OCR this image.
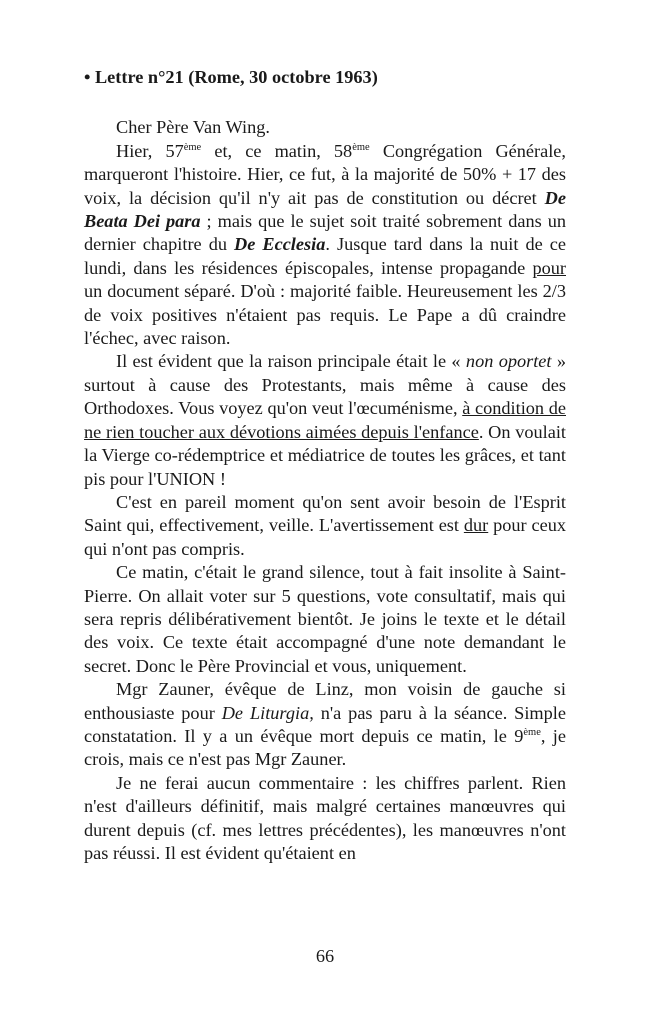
• Lettre n°21 (Rome, 30 octobre 1963)

Cher Père Van Wing.

Hier, 57ème et, ce matin, 58ème Congrégation Générale, marqueront l'histoire. Hier, ce fut, à la majorité de 50% + 17 des voix, la décision qu'il n'y ait pas de constitution ou décret De Beata Dei para ; mais que le sujet soit traité sobrement dans un dernier chapitre du De Ecclesia. Jusque tard dans la nuit de ce lundi, dans les résidences épiscopales, intense propagande pour un document séparé. D'où : majorité faible. Heureusement les 2/3 de voix positives n'étaient pas requis. Le Pape a dû craindre l'échec, avec raison.

Il est évident que la raison principale était le « non oportet » surtout à cause des Protestants, mais même à cause des Orthodoxes. Vous voyez qu'on veut l'œcuménisme, à condition de ne rien toucher aux dévotions aimées depuis l'enfance. On voulait la Vierge co-rédemptrice et médiatrice de toutes les grâces, et tant pis pour l'UNION !

C'est en pareil moment qu'on sent avoir besoin de l'Esprit Saint qui, effectivement, veille. L'avertissement est dur pour ceux qui n'ont pas compris.

Ce matin, c'était le grand silence, tout à fait insolite à Saint-Pierre. On allait voter sur 5 questions, vote consultatif, mais qui sera repris délibérativement bientôt. Je joins le texte et le détail des voix. Ce texte était accompagné d'une note demandant le secret. Donc le Père Provincial et vous, uniquement.

Mgr Zauner, évêque de Linz, mon voisin de gauche si enthousiaste pour De Liturgia, n'a pas paru à la séance. Simple constatation. Il y a un évêque mort depuis ce matin, le 9ème, je crois, mais ce n'est pas Mgr Zauner.

Je ne ferai aucun commentaire : les chiffres parlent. Rien n'est d'ailleurs définitif, mais malgré certaines manœuvres qui durent depuis (cf. mes lettres précédentes), les manœuvres n'ont pas réussi. Il est évident qu'étaient en

66
